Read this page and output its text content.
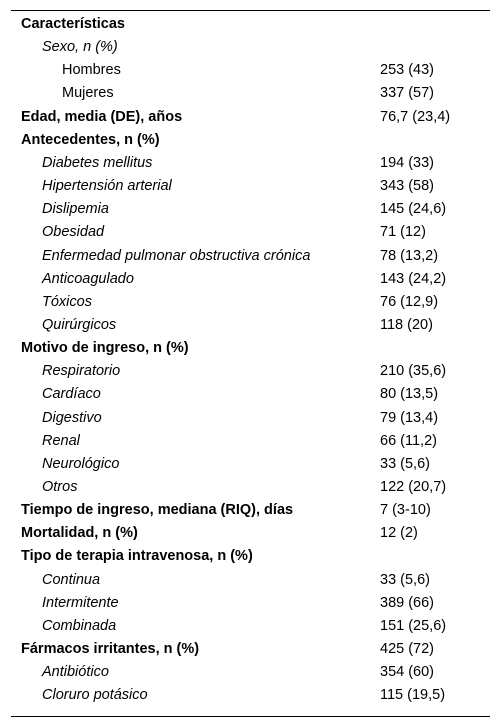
Características
Sexo, n (%)
Hombres	253 (43)
Mujeres	337 (57)
Edad, media (DE), años	76,7 (23,4)
Antecedentes, n (%)
Diabetes mellitus	194 (33)
Hipertensión arterial	343 (58)
Dislipemia	145 (24,6)
Obesidad	71 (12)
Enfermedad pulmonar obstructiva crónica	78 (13,2)
Anticoagulado	143 (24,2)
Tóxicos	76 (12,9)
Quirúrgicos	118 (20)
Motivo de ingreso, n (%)
Respiratorio	210 (35,6)
Cardíaco	80 (13,5)
Digestivo	79 (13,4)
Renal	66 (11,2)
Neurológico	33 (5,6)
Otros	122 (20,7)
Tiempo de ingreso, mediana (RIQ), días	7 (3-10)
Mortalidad, n (%)	12 (2)
Tipo de terapia intravenosa, n (%)
Continua	33 (5,6)
Intermitente	389 (66)
Combinada	151 (25,6)
Fármacos irritantes, n (%)	425 (72)
Antibiótico	354 (60)
Cloruro potásico	115 (19,5)
